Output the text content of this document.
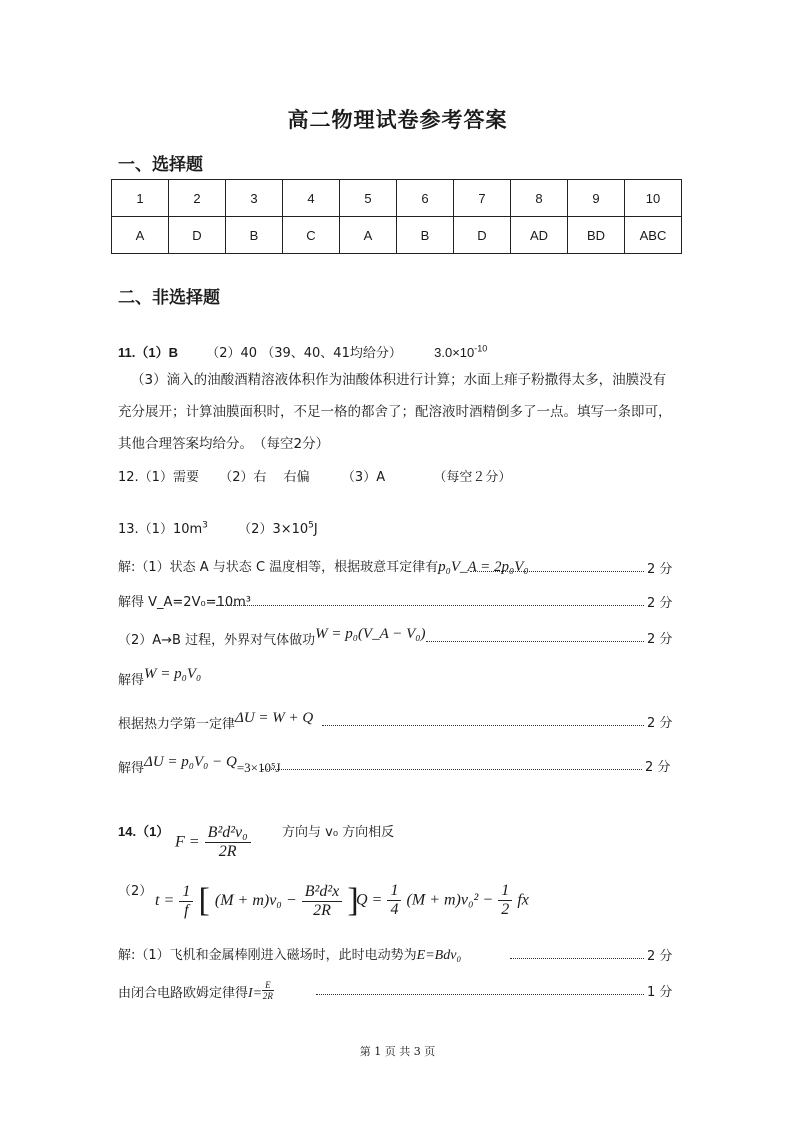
高二物理试卷参考答案
一、选择题
1	2	3	4	5	6	7	8	9	10
A	D	B	C	A	B	D	AD	BD	ABC
二、非选择题
11.（1）B （2）40 （39、40、41均给分） $3.0\times 10^{-10}$
（3）滴入的油酸酒精溶液体积作为油酸体积进行计算；水面上痱子粉撒得太多，油膜没有充分展开；计算油膜面积时，不足一格的都舍了；配溶液时酒精倒多了一点。填写一条即可，其他合理答案均给分。　（每空2分）
12.（1）需要 （2）右　 右偏 （3）A	（每空２分）
$13.(1)10m^3$ $(2)3\times 10^5J$
解:（1）状态 A 与状态 C 温度相等，根据玻意耳定律有p₀V_A = 2p₀V₀	2 分
解得 V_A=2V₀=10m³	2 分
（2）A→B 过程，外界对气体做功W = p₀(V_A − V₀)	2 分
解得W = p₀V₀
根据热力学第一定律ΔU = W + Q	2 分
解得ΔU = p₀V₀ − Q=3×10⁵J	2 分
14.（1）
$F = \frac{\text{B²d²v₀}}{2R}$ 方向与 v₀ 方向相反
（2）
$t = \frac{1}{f}$ [ $(M + m)v_0 - \frac{\text{B²d²x}}{2R}$ ]
$Q = \frac{1}{4} (M + m)v_0^2 - \frac{1}{2}$ fx
解:（1）飞机和金属棒刚进入磁场时，此时电动势为E=Bdv₀	2 分
由闭合电路欧姆定律得$I= \frac{E}{2R}$	1 分
第 1 页 共 3 页
